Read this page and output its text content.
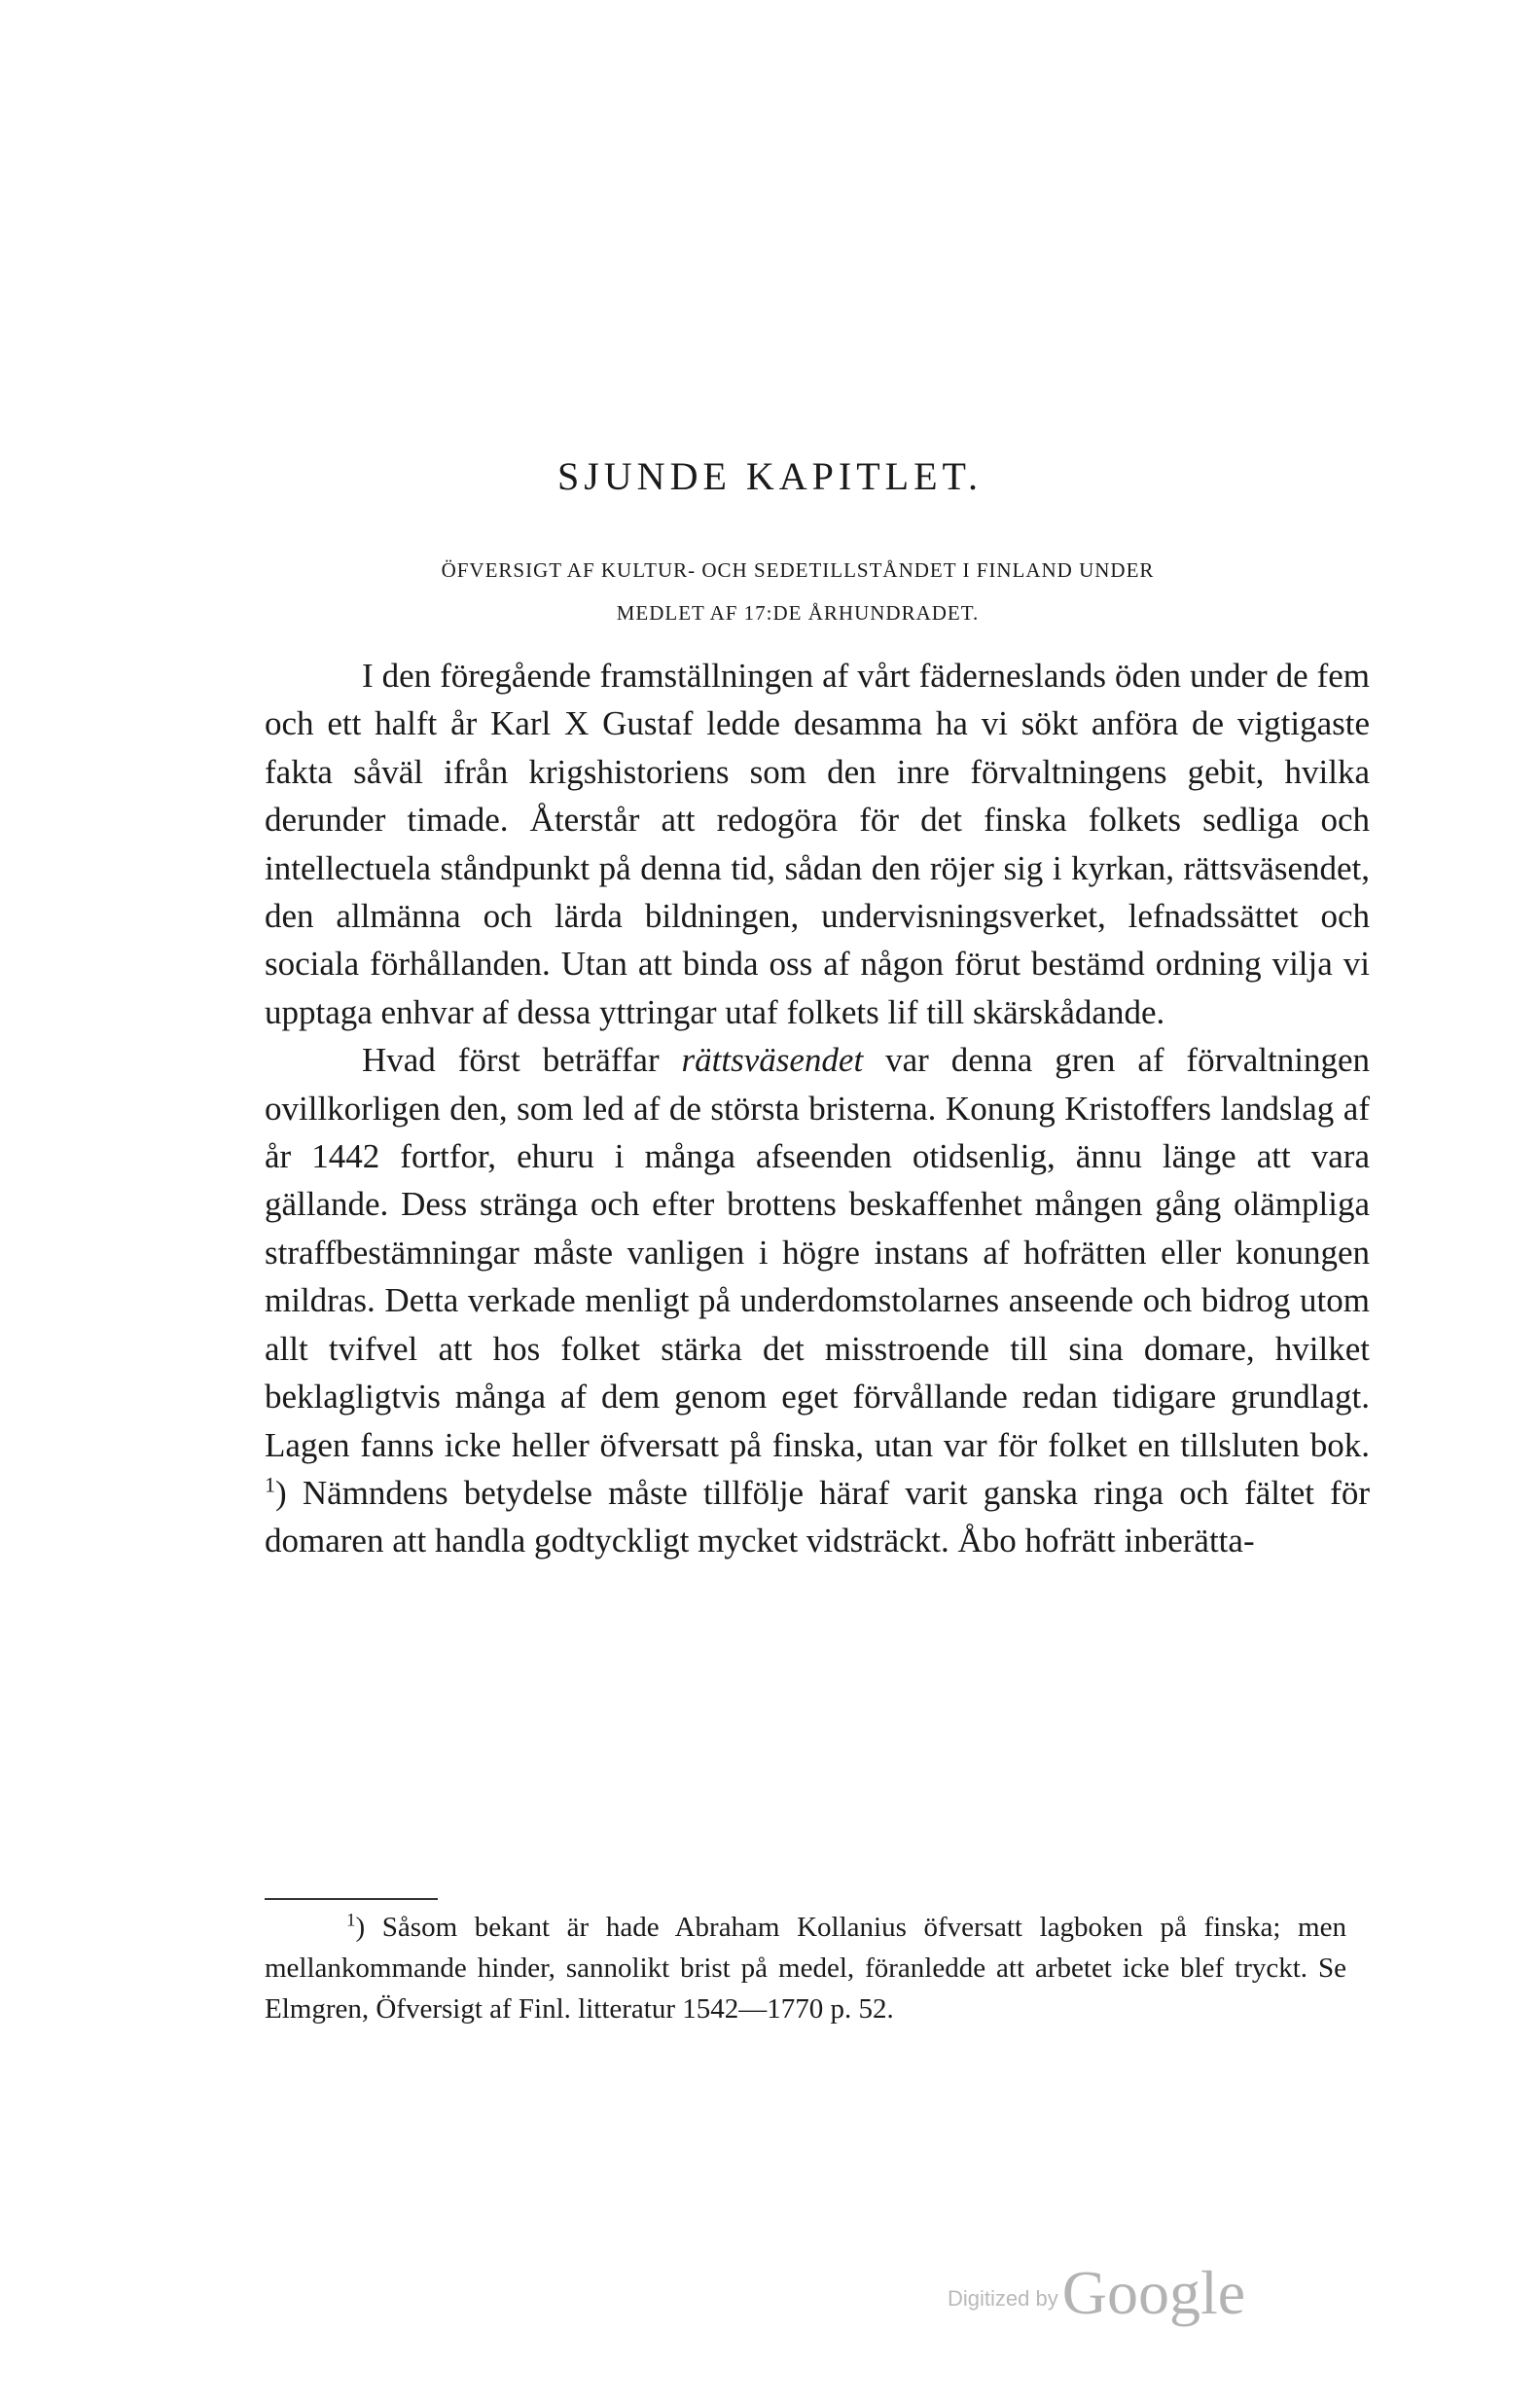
SJUNDE KAPITLET.
ÖFVERSIGT AF KULTUR- OCH SEDETILLSTÅNDET I FINLAND UNDER
MEDLET AF 17:DE ÅRHUNDRADET.

I den föregående framställningen af vårt fäderneslands öden under de fem och ett halft år Karl X Gustaf ledde desamma ha vi sökt anföra de vigtigaste fakta såväl ifrån krigshistoriens som den inre förvaltningens gebit, hvilka derunder timade. Återstår att redogöra för det finska folkets sedliga och intellectuela ståndpunkt på denna tid, sådan den röjer sig i kyrkan, rättsväsendet, den allmänna och lärda bildningen, undervisningsverket, lefnadssättet och sociala förhållanden. Utan att binda oss af någon förut bestämd ordning vilja vi upptaga enhvar af dessa yttringar utaf folkets lif till skärskådande.

Hvad först beträffar rättsväsendet var denna gren af förvaltningen ovillkorligen den, som led af de största bristerna. Konung Kristoffers landslag af år 1442 fortfor, ehuru i många afseenden otidsenlig, ännu länge att vara gällande. Dess stränga och efter brottens beskaffenhet mången gång olämpliga straffbestämningar måste vanligen i högre instans af hofrätten eller konungen mildras. Detta verkade menligt på underdomstolarnes anseende och bidrog utom allt tvifvel att hos folket stärka det misstroende till sina domare, hvilket beklagligtvis många af dem genom eget förvållande redan tidigare grundlagt. Lagen fanns icke heller öfversatt på finska, utan var för folket en tillsluten bok. $^1$) Nämndens betydelse måste tillfölje häraf varit ganska ringa och fältet för domaren att handla godtyckligt mycket vidsträckt. Åbo hofrätt inberätta-

$^1$) Såsom bekant är hade Abraham Kollanius öfversatt lagboken på finska; men mellankommande hinder, sannolikt brist på medel, föranledde att arbetet icke blef tryckt. Se Elmgren, Öfversigt af Finl. litteratur 1542—1770 p. 52.

Digitized byGoogle
